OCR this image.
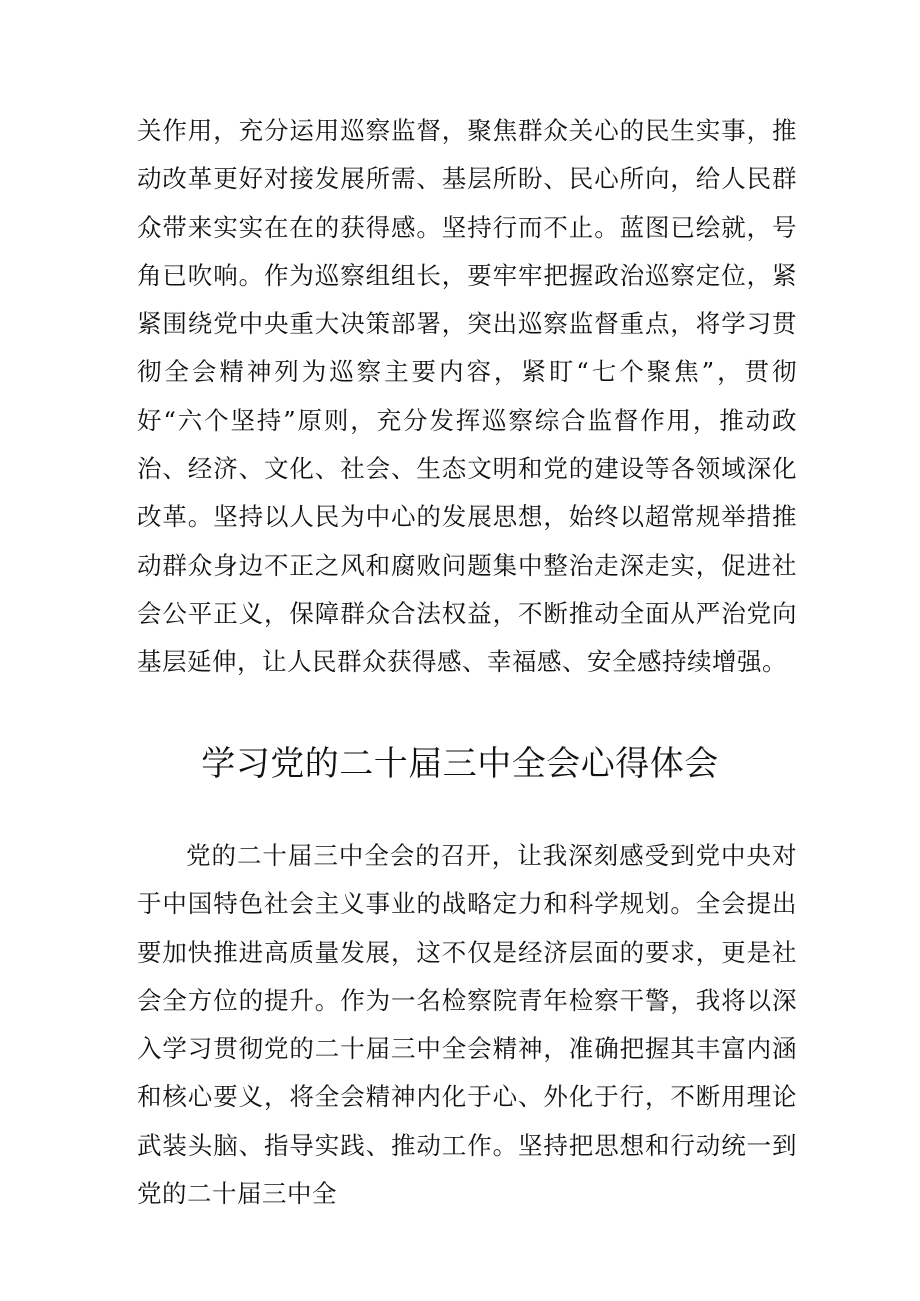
关作用，充分运用巡察监督，聚焦群众关心的民生实事，推动改革更好对接发展所需、基层所盼、民心所向，给人民群众带来实实在在的获得感。坚持行而不止。蓝图已绘就，号角已吹响。作为巡察组组长，要牢牢把握政治巡察定位，紧紧围绕党中央重大决策部署，突出巡察监督重点，将学习贯彻全会精神列为巡察主要内容，紧盯“七个聚焦”，贯彻好“六个坚持”原则，充分发挥巡察综合监督作用，推动政治、经济、文化、社会、生态文明和党的建设等各领域深化改革。坚持以人民为中心的发展思想，始终以超常规举措推动群众身边不正之风和腐败问题集中整治走深走实，促进社会公平正义，保障群众合法权益，不断推动全面从严治党向基层延伸，让人民群众获得感、幸福感、安全感持续增强。

学习党的二十届三中全会心得体会

党的二十届三中全会的召开，让我深刻感受到党中央对于中国特色社会主义事业的战略定力和科学规划。全会提出要加快推进高质量发展，这不仅是经济层面的要求，更是社会全方位的提升。作为一名检察院青年检察干警，我将以深入学习贯彻党的二十届三中全会精神，准确把握其丰富内涵和核心要义，将全会精神内化于心、外化于行，不断用理论武装头脑、指导实践、推动工作。坚持把思想和行动统一到党的二十届三中全
